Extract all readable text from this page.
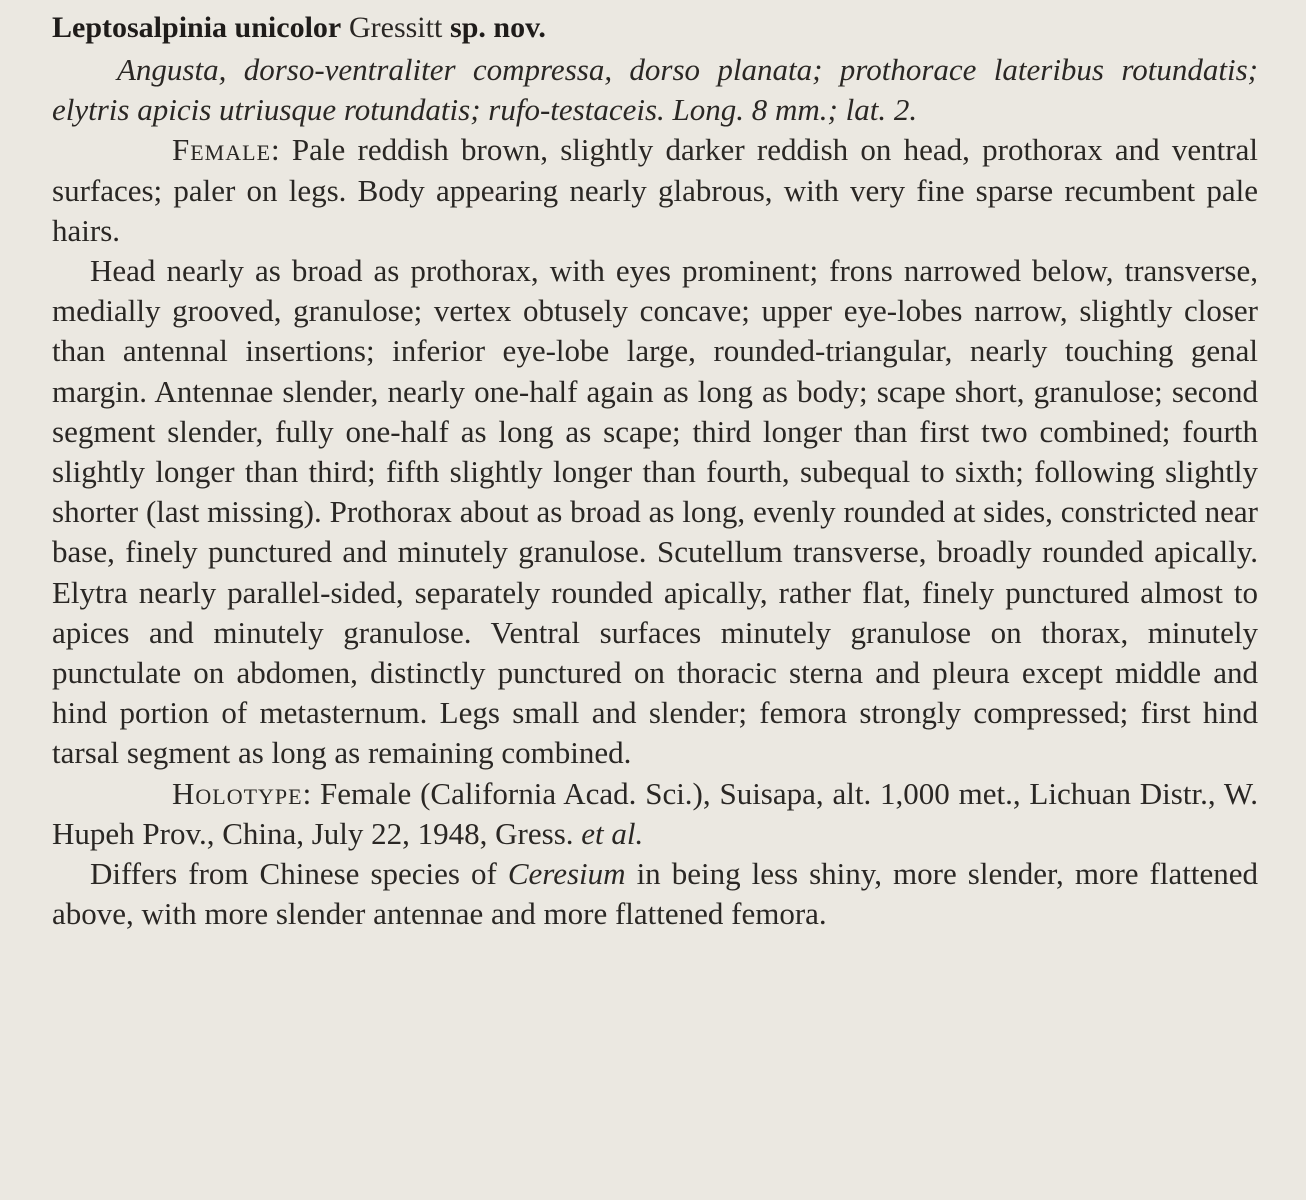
Leptosalpinia unicolor Gressitt sp. nov.

Angusta, dorso-ventraliter compressa, dorso planata; prothorace lateribus rotundatis; elytris apicis utriusque rotundatis; rufo-testaceis. Long. 8 mm.; lat. 2.

Female: Pale reddish brown, slightly darker reddish on head, prothorax and ventral surfaces; paler on legs. Body appearing nearly glabrous, with very fine sparse recumbent pale hairs.

Head nearly as broad as prothorax, with eyes prominent; frons narrowed below, transverse, medially grooved, granulose; vertex obtusely concave; upper eye-lobes narrow, slightly closer than antennal insertions; inferior eye-lobe large, rounded-triangular, nearly touching genal margin. Antennae slender, nearly one-half again as long as body; scape short, granulose; second segment slender, fully one-half as long as scape; third longer than first two combined; fourth slightly longer than third; fifth slightly longer than fourth, subequal to sixth; following slightly shorter (last missing). Prothorax about as broad as long, evenly rounded at sides, constricted near base, finely punctured and minutely granulose. Scutellum transverse, broadly rounded apically. Elytra nearly parallel-sided, separately rounded apically, rather flat, finely punctured almost to apices and minutely granulose. Ventral surfaces minutely granulose on thorax, minutely punctulate on abdomen, distinctly punctured on thoracic sterna and pleura except middle and hind portion of metasternum. Legs small and slender; femora strongly compressed; first hind tarsal segment as long as remaining combined.

Holotype: Female (California Acad. Sci.), Suisapa, alt. 1,000 met., Lichuan Distr., W. Hupeh Prov., China, July 22, 1948, Gress. et al.

Differs from Chinese species of Ceresium in being less shiny, more slender, more flattened above, with more slender antennae and more flattened femora.
